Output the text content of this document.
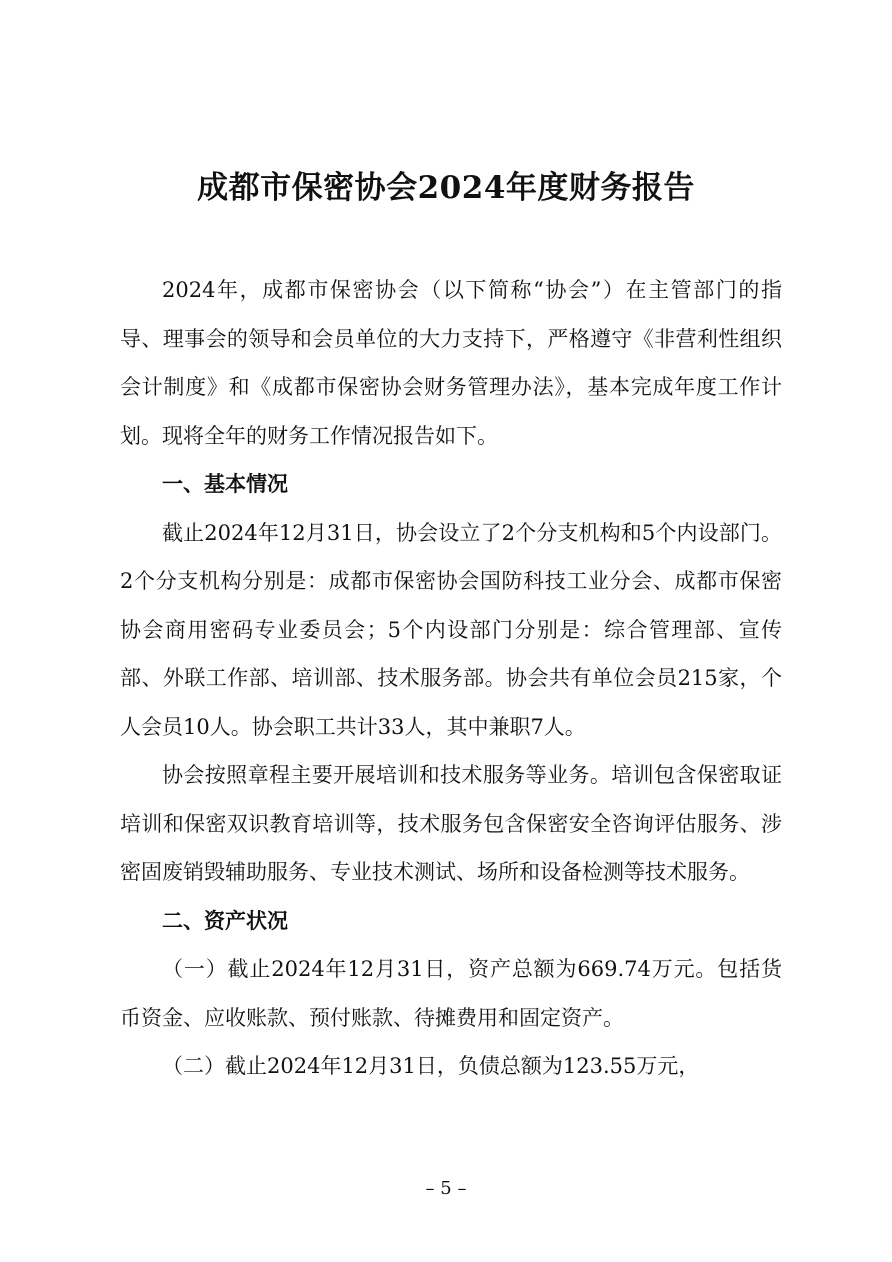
成都市保密协会2024年度财务报告

2024年，成都市保密协会（以下简称“协会”）在主管部门的指导、理事会的领导和会员单位的大力支持下，严格遵守《非营利性组织会计制度》和《成都市保密协会财务管理办法》，基本完成年度工作计划。现将全年的财务工作情况报告如下。

一、基本情况

截止2024年12月31日，协会设立了2个分支机构和5个内设部门。2个分支机构分别是：成都市保密协会国防科技工业分会、成都市保密协会商用密码专业委员会；5个内设部门分别是：综合管理部、宣传部、外联工作部、培训部、技术服务部。协会共有单位会员215家，个人会员10人。协会职工共计33人，其中兼职7人。

协会按照章程主要开展培训和技术服务等业务。培训包含保密取证培训和保密双识教育培训等，技术服务包含保密安全咨询评估服务、涉密固废销毁辅助服务、专业技术测试、场所和设备检测等技术服务。

二、资产状况

（一）截止2024年12月31日，资产总额为669.74万元。包括货币资金、应收账款、预付账款、待摊费用和固定资产。

（二）截止2024年12月31日，负债总额为123.55万元，

– 5 –
